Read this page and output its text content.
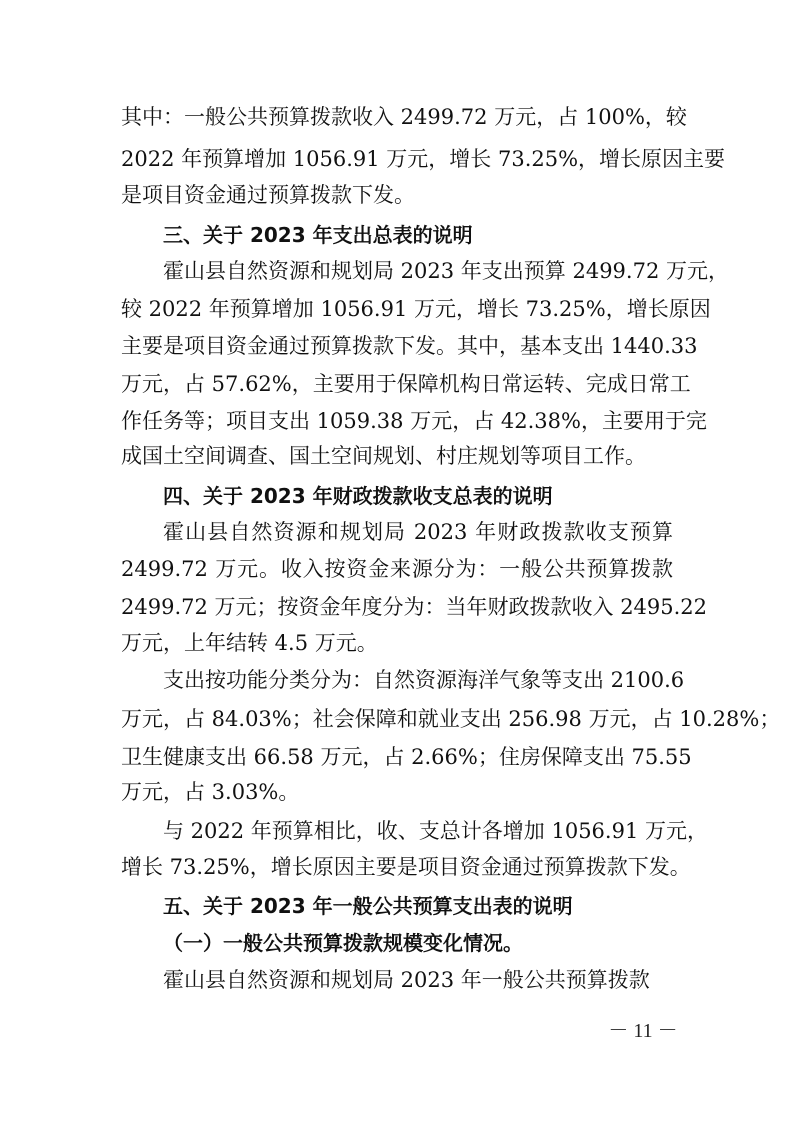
其中：一般公共预算拨款收入 2499.72 万元，占 100%，较

2022 年预算增加 1056.91 万元，增长 73.25%，增长原因主要

是项目资金通过预算拨款下发。

三、关于 2023 年支出总表的说明

霍山县自然资源和规划局 2023 年支出预算 2499.72 万元，

较 2022 年预算增加 1056.91 万元，增长 73.25%，增长原因

主要是项目资金通过预算拨款下发。其中，基本支出 1440.33

万元，占 57.62%，主要用于保障机构日常运转、完成日常工

作任务等；项目支出 1059.38 万元，占 42.38%，主要用于完

成国土空间调查、国土空间规划、村庄规划等项目工作。

四、关于 2023 年财政拨款收支总表的说明

霍山县自然资源和规划局 2023 年财政拨款收支预算

2499.72 万元。收入按资金来源分为：一般公共预算拨款

2499.72 万元；按资金年度分为：当年财政拨款收入 2495.22

万元，上年结转 4.5 万元。

支出按功能分类分为：自然资源海洋气象等支出 2100.6

万元，占 84.03%；社会保障和就业支出 256.98 万元，占 10.28%；

卫生健康支出 66.58 万元，占 2.66%；住房保障支出 75.55

万元，占 3.03%。

与 2022 年预算相比，收、支总计各增加 1056.91 万元，

增长 73.25%，增长原因主要是项目资金通过预算拨款下发。

五、关于 2023 年一般公共预算支出表的说明
（一）一般公共预算拨款规模变化情况。

霍山县自然资源和规划局 2023 年一般公共预算拨款

－ 11 －
